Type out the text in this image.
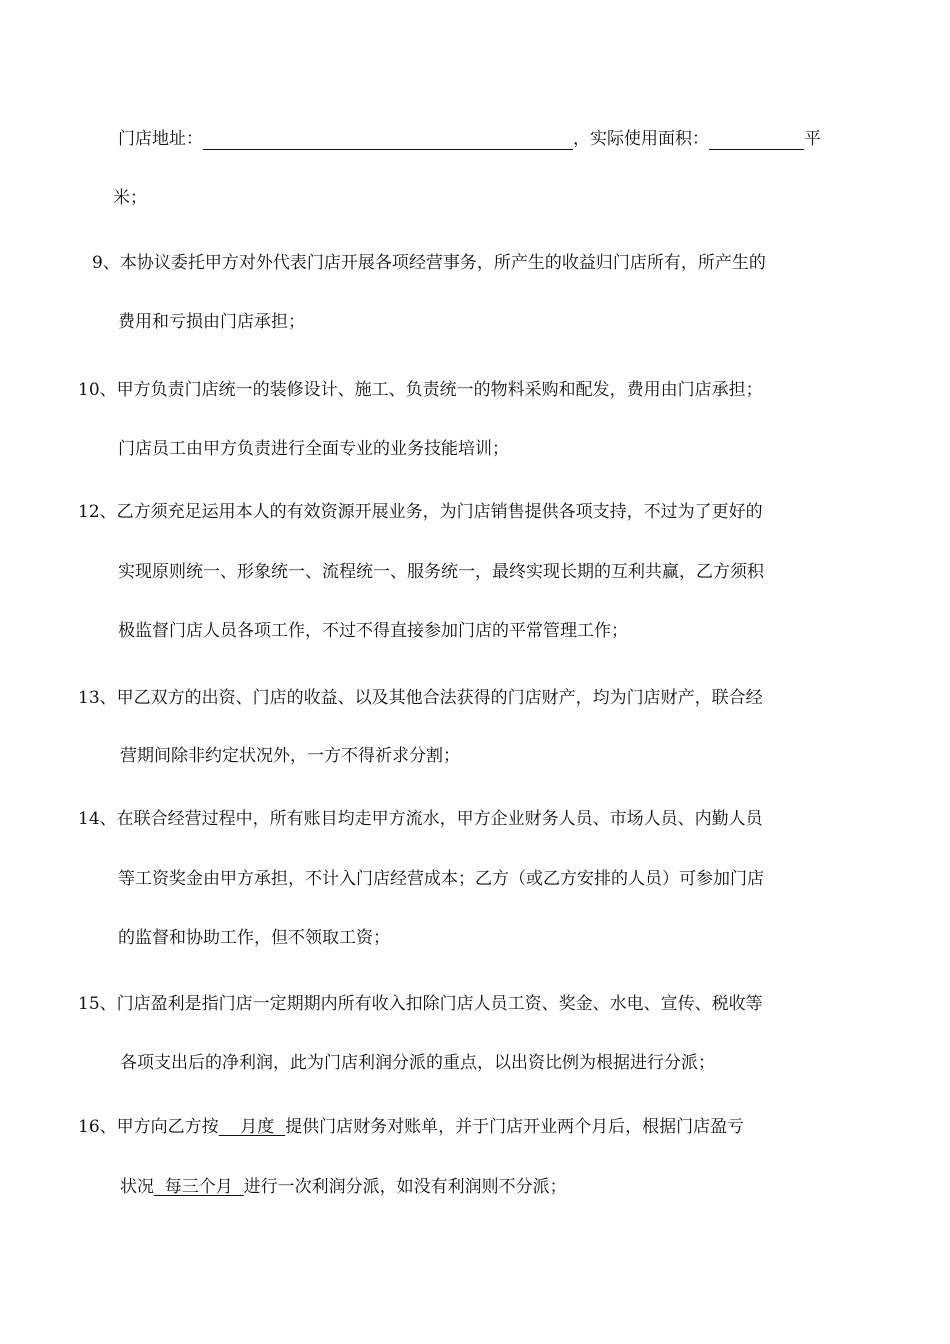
门店地址：	，实际使用面积：	平
米；
9、本协议委托甲方对外代表门店开展各项经营事务，所产生的收益归门店所有，所产生的
费用和亏损由门店承担；
10、甲方负责门店统一的装修设计、施工、负责统一的物料采购和配发，费用由门店承担；
门店员工由甲方负责进行全面专业的业务技能培训；
12、乙方须充足运用本人的有效资源开展业务，为门店销售提供各项支持，不过为了更好的
实现原则统一、形象统一、流程统一、服务统一，最终实现长期的互利共赢，乙方须积
极监督门店人员各项工作，不过不得直接参加门店的平常管理工作；
13、甲乙双方的出资、门店的收益、以及其他合法获得的门店财产，均为门店财产，联合经
营期间除非约定状况外，一方不得祈求分割；
14、在联合经营过程中，所有账目均走甲方流水，甲方企业财务人员、市场人员、内勤人员
等工资奖金由甲方承担，不计入门店经营成本；乙方（或乙方安排的人员）可参加门店
的监督和协助工作，但不领取工资；
15、门店盈利是指门店一定期期内所有收入扣除门店人员工资、奖金、水电、宣传、税收等
各项支出后的净利润，此为门店利润分派的重点，以出资比例为根据进行分派；
16、甲方向乙方按    月度  提供门店财务对账单，并于门店开业两个月后，根据门店盈亏
状况  每三个月  进行一次利润分派，如没有利润则不分派；
